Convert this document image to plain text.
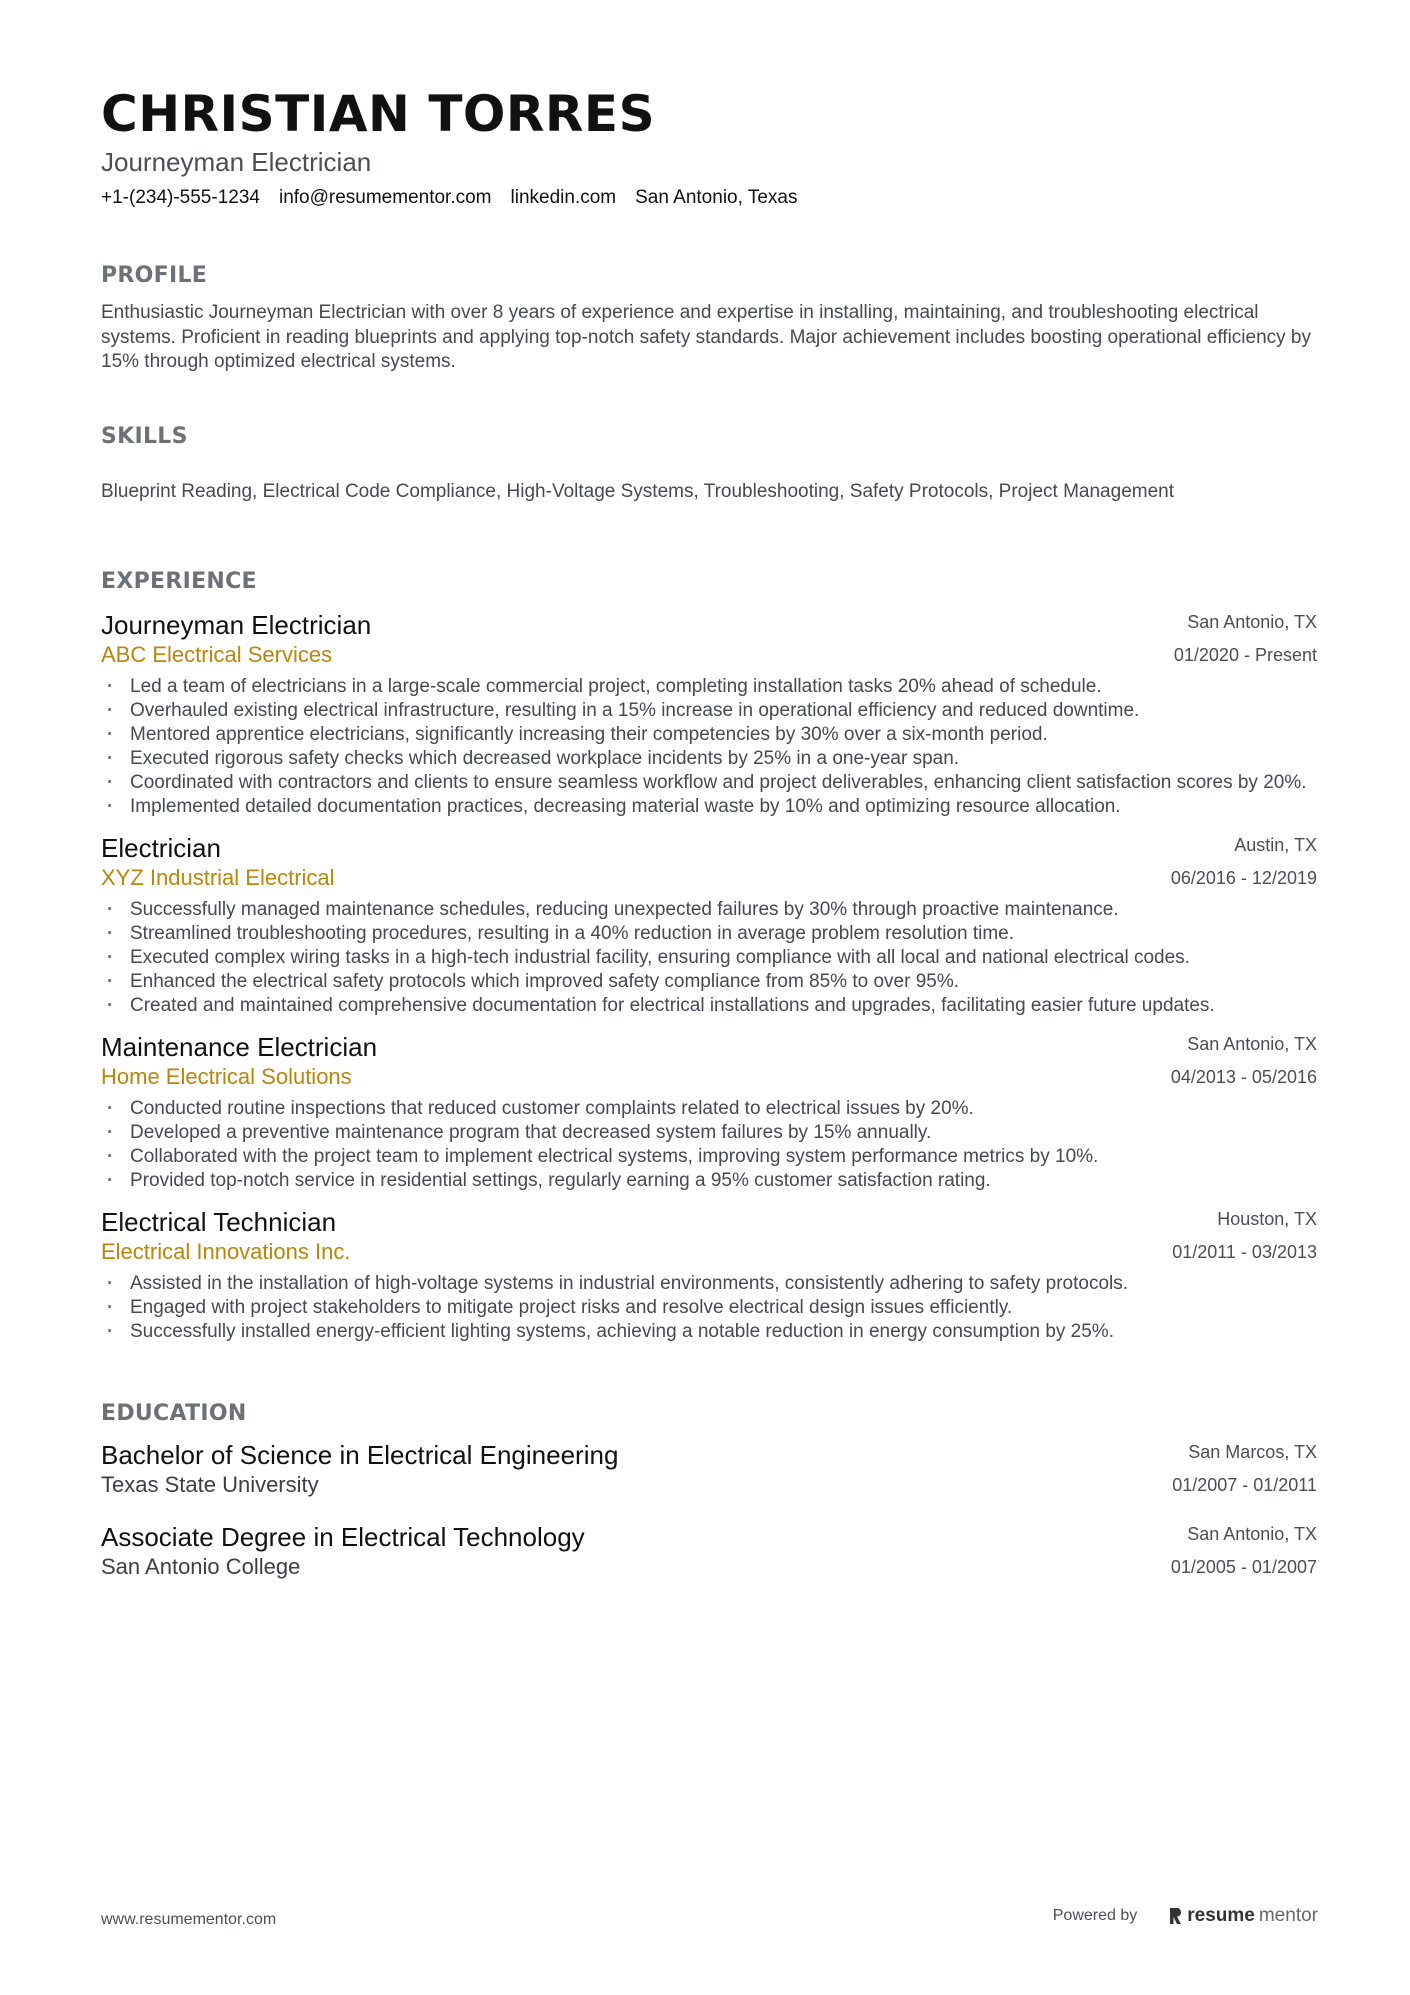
CHRISTIAN TORRES
Journeyman Electrician
+1-(234)-555-1234 info@resumementor.com linkedin.com San Antonio, Texas
PROFILE
Enthusiastic Journeyman Electrician with over 8 years of experience and expertise in installing, maintaining, and troubleshooting electrical systems. Proficient in reading blueprints and applying top-notch safety standards. Major achievement includes boosting operational efficiency by 15% through optimized electrical systems.
SKILLS
Blueprint Reading, Electrical Code Compliance, High-Voltage Systems, Troubleshooting, Safety Protocols, Project Management
EXPERIENCE
Journeyman Electrician	San Antonio, TX
ABC Electrical Services	01/2020 - Present
· Led a team of electricians in a large-scale commercial project, completing installation tasks 20% ahead of schedule.
· Overhauled existing electrical infrastructure, resulting in a 15% increase in operational efficiency and reduced downtime.
· Mentored apprentice electricians, significantly increasing their competencies by 30% over a six-month period.
· Executed rigorous safety checks which decreased workplace incidents by 25% in a one-year span.
· Coordinated with contractors and clients to ensure seamless workflow and project deliverables, enhancing client satisfaction scores by 20%.
· Implemented detailed documentation practices, decreasing material waste by 10% and optimizing resource allocation.
Electrician	Austin, TX
XYZ Industrial Electrical	06/2016 - 12/2019
· Successfully managed maintenance schedules, reducing unexpected failures by 30% through proactive maintenance.
· Streamlined troubleshooting procedures, resulting in a 40% reduction in average problem resolution time.
· Executed complex wiring tasks in a high-tech industrial facility, ensuring compliance with all local and national electrical codes.
· Enhanced the electrical safety protocols which improved safety compliance from 85% to over 95%.
· Created and maintained comprehensive documentation for electrical installations and upgrades, facilitating easier future updates.
Maintenance Electrician	San Antonio, TX
Home Electrical Solutions	04/2013 - 05/2016
· Conducted routine inspections that reduced customer complaints related to electrical issues by 20%.
· Developed a preventive maintenance program that decreased system failures by 15% annually.
· Collaborated with the project team to implement electrical systems, improving system performance metrics by 10%.
· Provided top-notch service in residential settings, regularly earning a 95% customer satisfaction rating.
Electrical Technician	Houston, TX
Electrical Innovations Inc.	01/2011 - 03/2013
· Assisted in the installation of high-voltage systems in industrial environments, consistently adhering to safety protocols.
· Engaged with project stakeholders to mitigate project risks and resolve electrical design issues efficiently.
· Successfully installed energy-efficient lighting systems, achieving a notable reduction in energy consumption by 25%.
EDUCATION
Bachelor of Science in Electrical Engineering	San Marcos, TX
Texas State University	01/2007 - 01/2011
Associate Degree in Electrical Technology	San Antonio, TX
San Antonio College	01/2005 - 01/2007
www.resumementor.com	Powered by	resume mentor
